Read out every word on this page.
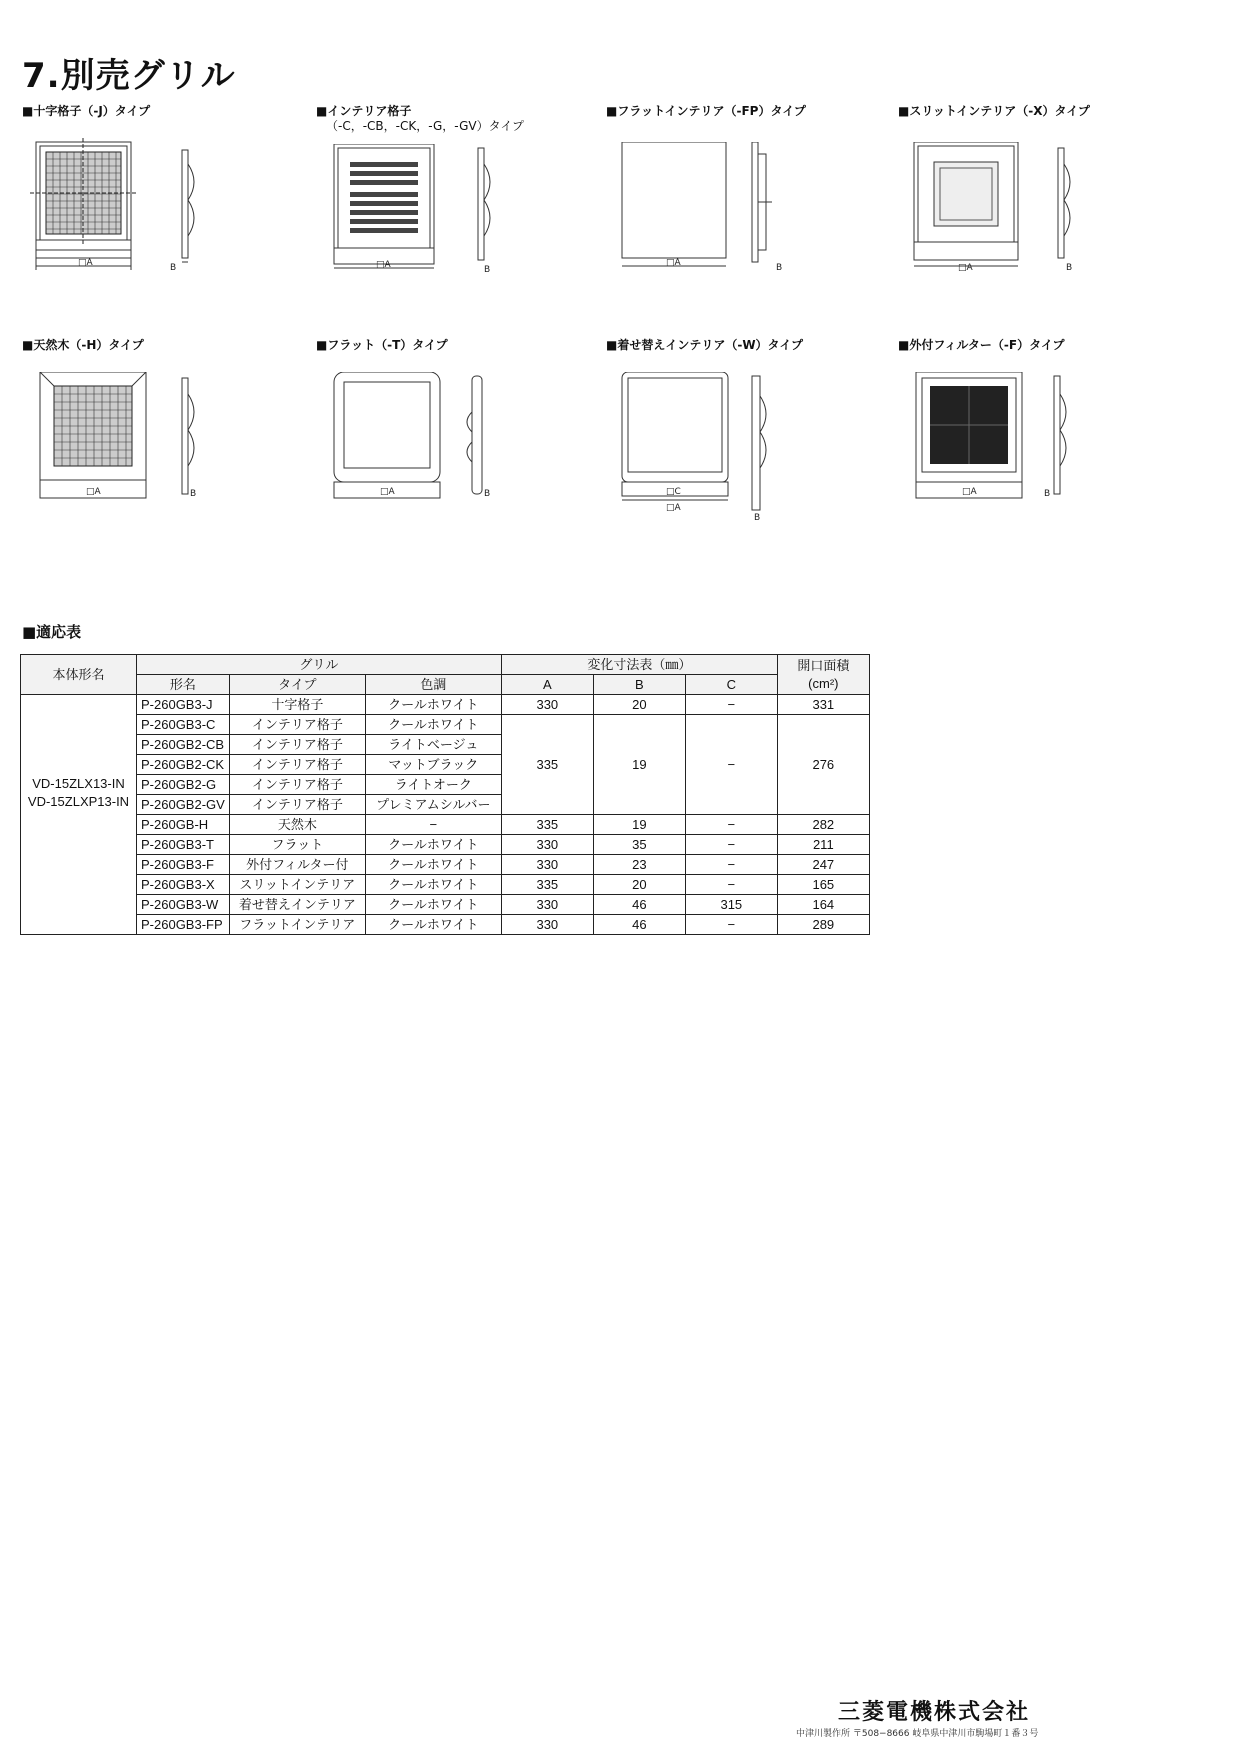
7.別売グリル
■十字格子（-J）タイプ
□A	B
■インテリア格子
（-C，-CB，-CK，-G，-GV）タイプ
□A	B
■フラットインテリア（-FP）タイプ
□A	B
■スリットインテリア（-X）タイプ
□A	B
■天然木（-H）タイプ
□A	B
■フラット（-T）タイプ
□A	B
■着せ替えインテリア（-W）タイプ
□C
□A
B
■外付フィルター（-F）タイプ
□A	B
■適応表
本体形名	グリル			変化寸法表（㎜）			開口面積
(cm²)

	形名	タイプ	色調	A	B	C	

VD-15ZLX13-IN
VD-15ZLXP13-IN	P-260GB3-J	十字格子	クールホワイト	330	20	−	331
	P-260GB3-C	インテリア格子	クールホワイト	335	19	−	276
	P-260GB2-CB	インテリア格子	ライトベージュ				
	P-260GB2-CK	インテリア格子	マットブラック				
	P-260GB2-G	インテリア格子	ライトオーク				
	P-260GB2-GV	インテリア格子	プレミアムシルバー				
	P-260GB-H	天然木	−	335	19	−	282
	P-260GB3-T	フラット	クールホワイト	330	35	−	211
	P-260GB3-F	外付フィルター付	クールホワイト	330	23	−	247
	P-260GB3-X	スリットインテリア	クールホワイト	335	20	−	165
	P-260GB3-W	着せ替えインテリア	クールホワイト	330	46	315	164
	P-260GB3-FP	フラットインテリア	クールホワイト	330	46	−	289
三菱電機株式会社
中津川製作所 〒508−8666 岐阜県中津川市駒場町１番３号
